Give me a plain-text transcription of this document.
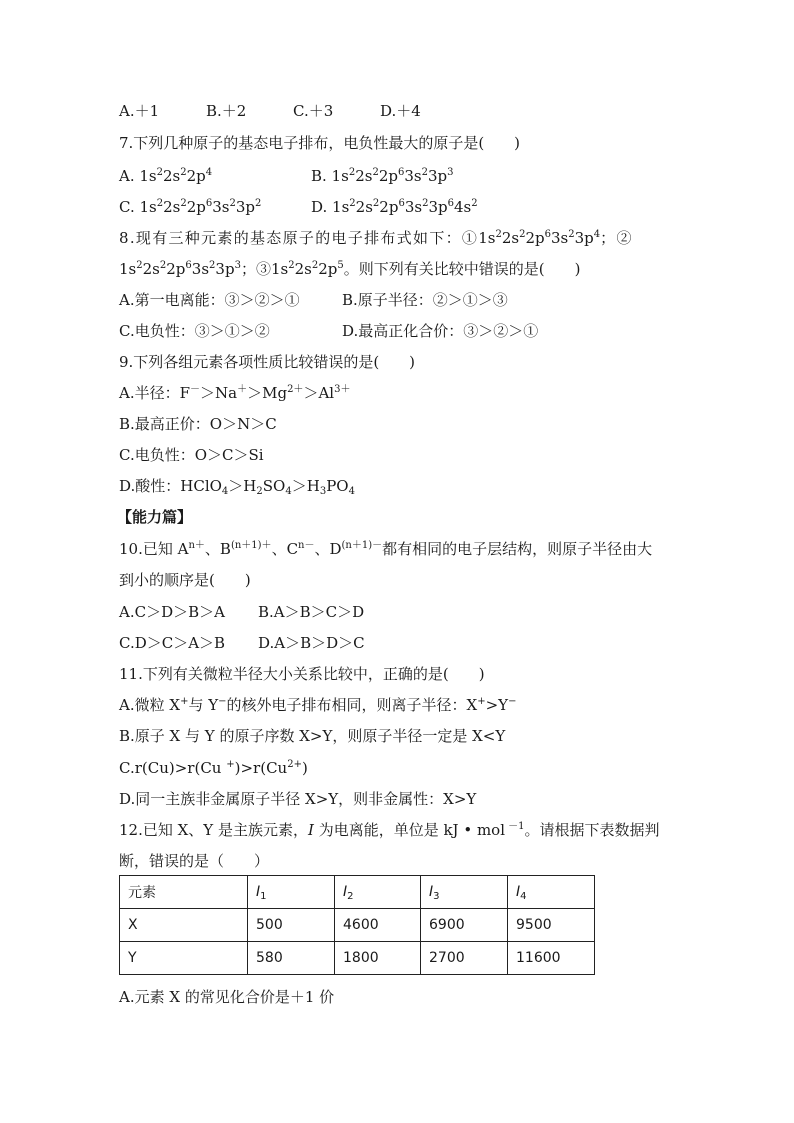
A.＋1	B.＋2	C.＋3	D.＋4
7.下列几种原子的基态电子排布，电负性最大的原子是(　　)
A. $1s^22s^22p^4$	B. $1s^22s^22p^63s^23p^3$
C. $1s^22s^22p^63s^23p^2$	D. $1s^22s^22p^63s^23p^64s^2$
8.现有三种元素的基态原子的电子排布式如下：$①1s^22s^22p^63s^23p^4$；②
$1s^22s^22p^63s^23p^3$；$③1s^22s^22p^5$。则下列有关比较中错误的是(　　)
A.第一电离能：③＞②＞①	B.原子半径：②＞①＞③
C.电负性：③＞①＞②	D.最高正化合价：③＞②＞①
9.下列各组元素各项性质比较错误的是(　　)
A.半径：$F^->Na^+>Mg^{2+}>Al^{3+}$
B.最高正价：O＞N＞C
C.电负性：O＞C＞Si
D.酸性：$HClO_4>H_2SO_4>H_3PO_4$
【能力篇】
10.已知 $A^{n+}$、$B^{(n+1)+}$、$C^{n-}$、$D^{(n+1)-}$都有相同的电子层结构，则原子半径由大
到小的顺序是(　　)
A.C＞D＞B＞A B.A＞B＞C＞D
C.D＞C＞A＞B D.A＞B＞D＞C
11.下列有关微粒半径大小关系比较中，正确的是(　　)
A.微粒 X+与 Y−的核外电子排布相同，则离子半径：X+>Y−
B.原子 X 与 Y 的原子序数 X>Y，则原子半径一定是 X<Y
C.r(Cu)>r(Cu $^+)>r(Cu^{2+})$
D.同一主族非金属原子半径 X>Y，则非金属性：X>Y
12.已知 X、Y 是主族元素，I 为电离能，单位是 kJ • mol $^{-1}$。请根据下表数据判
断，错误的是（　　）
元素	$I_1$	$I_2$	$I_3$	$I_4$
X	500	4600	6900	9500
Y	580	1800	2700	11600
A.元素 X 的常见化合价是＋1 价
